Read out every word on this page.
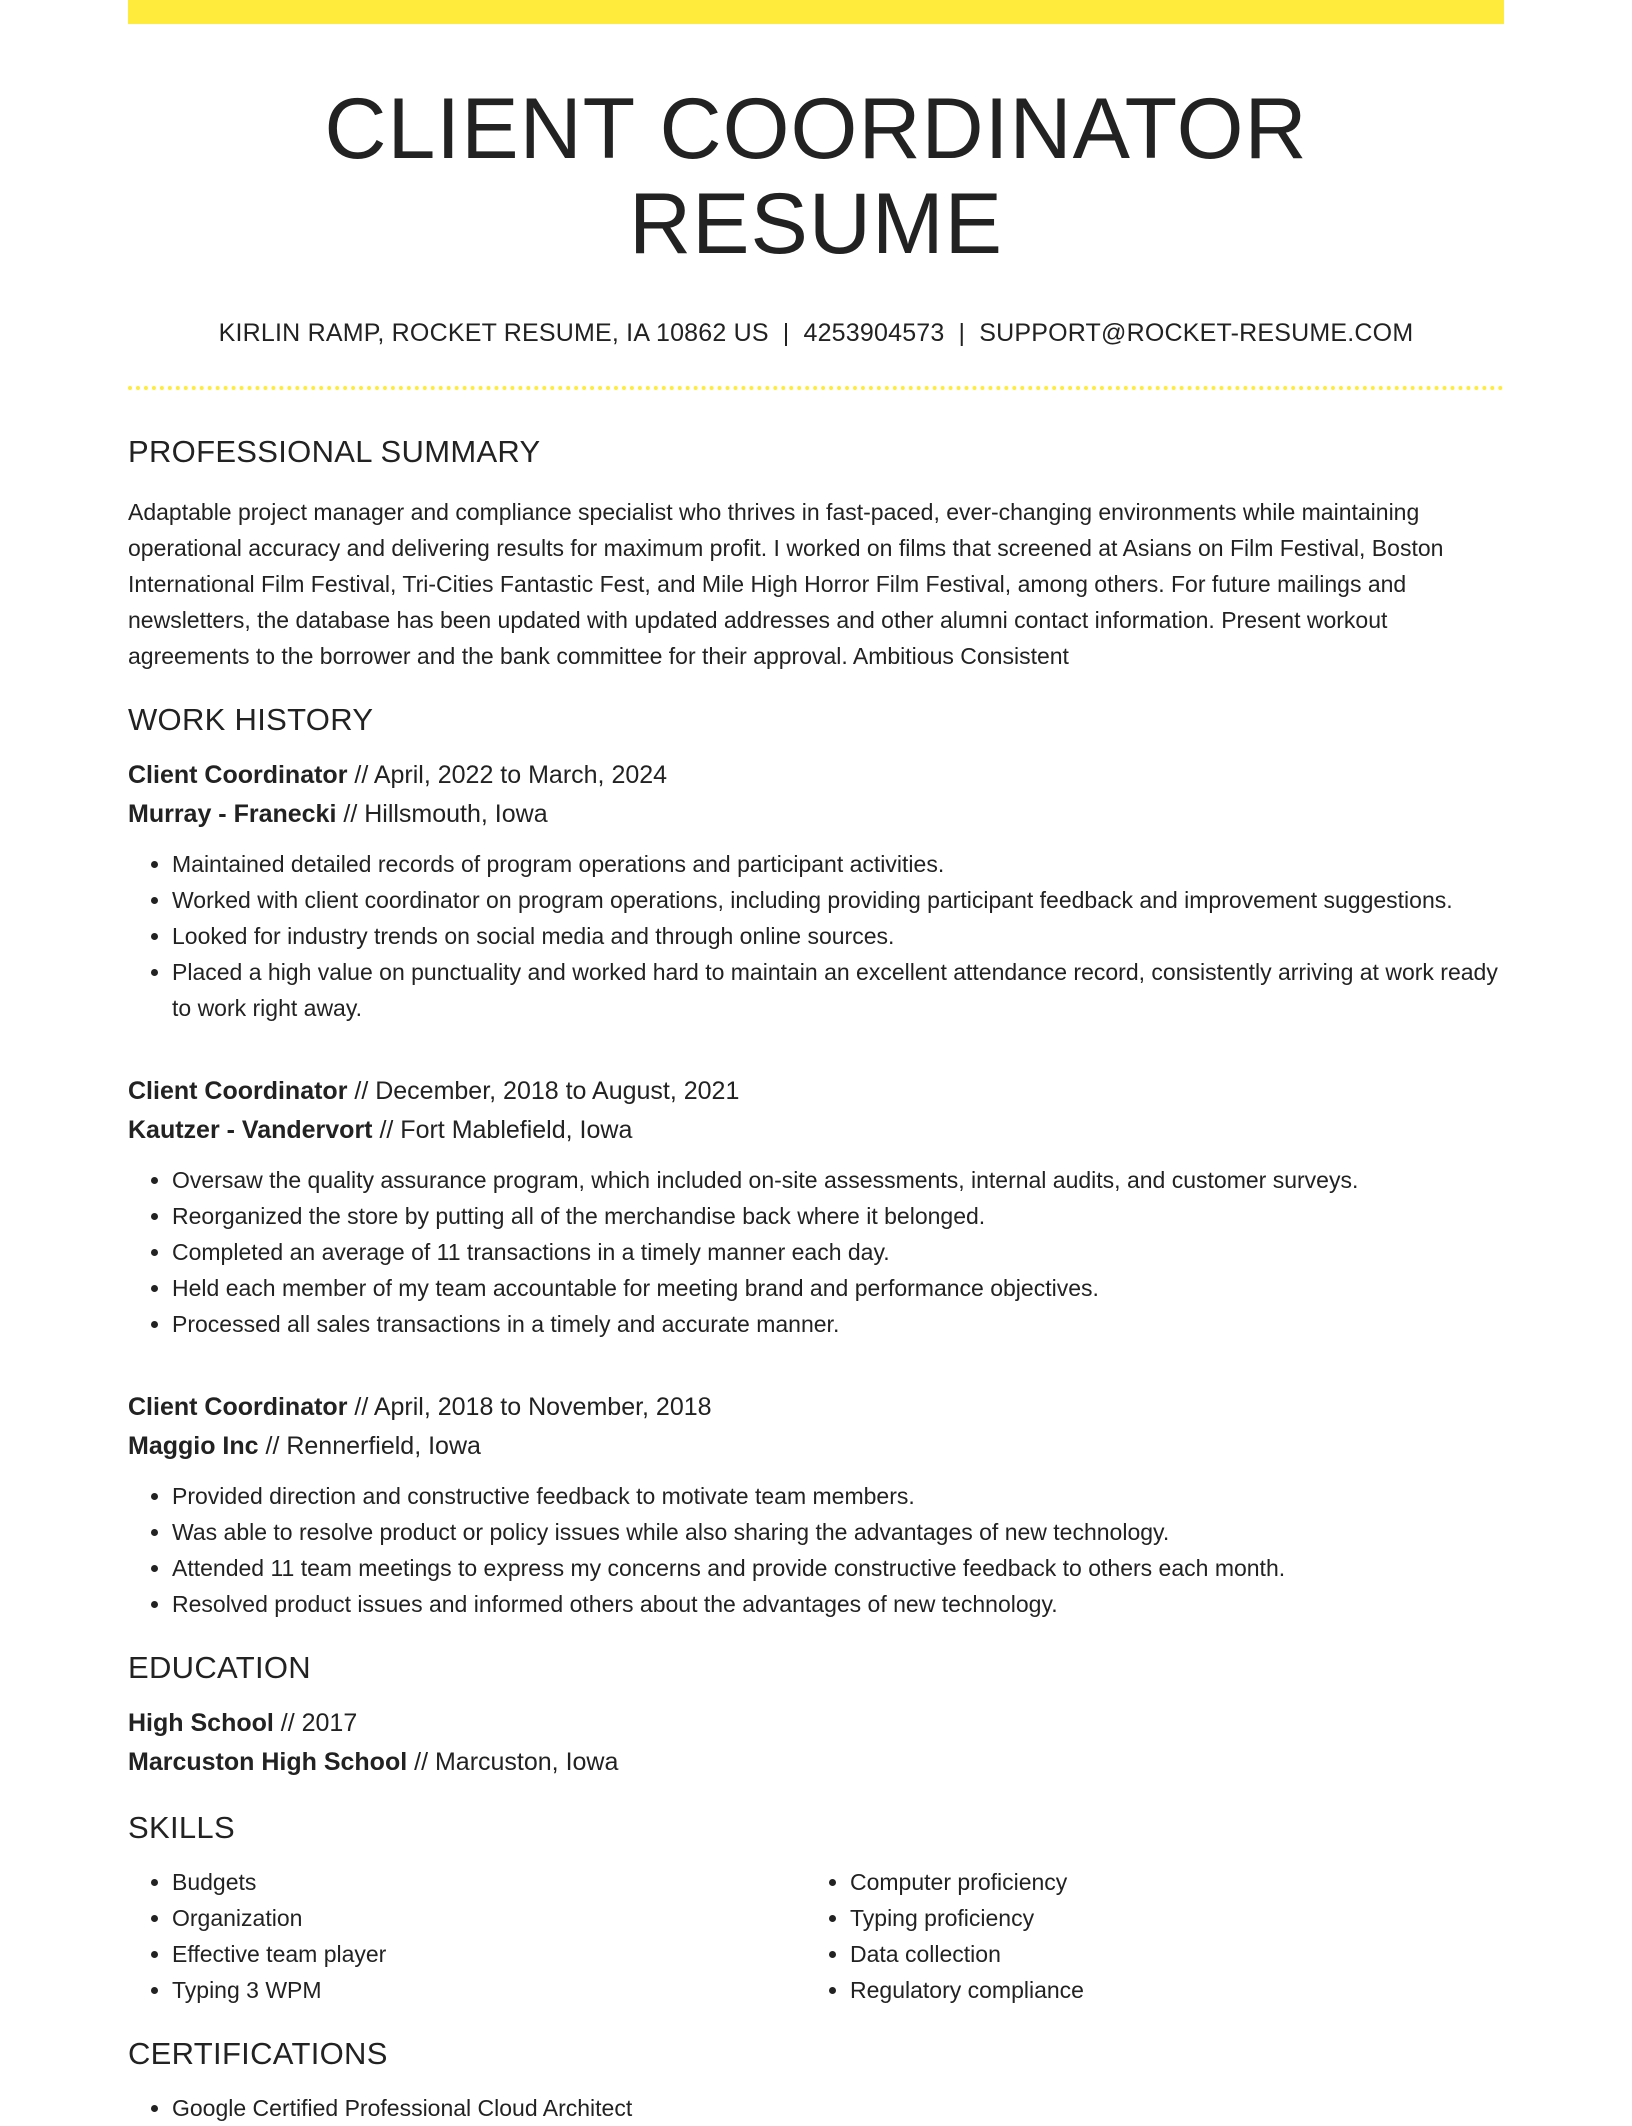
CLIENT COORDINATOR RESUME
KIRLIN RAMP, ROCKET RESUME, IA 10862 US | 4253904573 | SUPPORT@ROCKET-RESUME.COM
PROFESSIONAL SUMMARY

Adaptable project manager and compliance specialist who thrives in fast-paced, ever-changing environments while maintaining operational accuracy and delivering results for maximum profit. I worked on films that screened at Asians on Film Festival, Boston International Film Festival, Tri-Cities Fantastic Fest, and Mile High Horror Film Festival, among others. For future mailings and newsletters, the database has been updated with updated addresses and other alumni contact information. Present workout agreements to the borrower and the bank committee for their approval. Ambitious Consistent

WORK HISTORY
Client Coordinator // April, 2022 to March, 2024
Murray - Franecki // Hillsmouth, Iowa
• Maintained detailed records of program operations and participant activities.
• Worked with client coordinator on program operations, including providing participant feedback and improvement suggestions.
• Looked for industry trends on social media and through online sources.
• Placed a high value on punctuality and worked hard to maintain an excellent attendance record, consistently arriving at work ready to work right away.
Client Coordinator // December, 2018 to August, 2021
Kautzer - Vandervort // Fort Mablefield, Iowa
• Oversaw the quality assurance program, which included on-site assessments, internal audits, and customer surveys.
• Reorganized the store by putting all of the merchandise back where it belonged.
• Completed an average of 11 transactions in a timely manner each day.
• Held each member of my team accountable for meeting brand and performance objectives.
• Processed all sales transactions in a timely and accurate manner.
Client Coordinator // April, 2018 to November, 2018
Maggio Inc // Rennerfield, Iowa
• Provided direction and constructive feedback to motivate team members.
• Was able to resolve product or policy issues while also sharing the advantages of new technology.
• Attended 11 team meetings to express my concerns and provide constructive feedback to others each month.
• Resolved product issues and informed others about the advantages of new technology.
EDUCATION
High School // 2017
Marcuston High School // Marcuston, Iowa
SKILLS
• Budgets
• Organization
• Effective team player
• Typing 3 WPM
• Computer proficiency
• Typing proficiency
• Data collection
• Regulatory compliance
CERTIFICATIONS
• Google Certified Professional Cloud Architect
